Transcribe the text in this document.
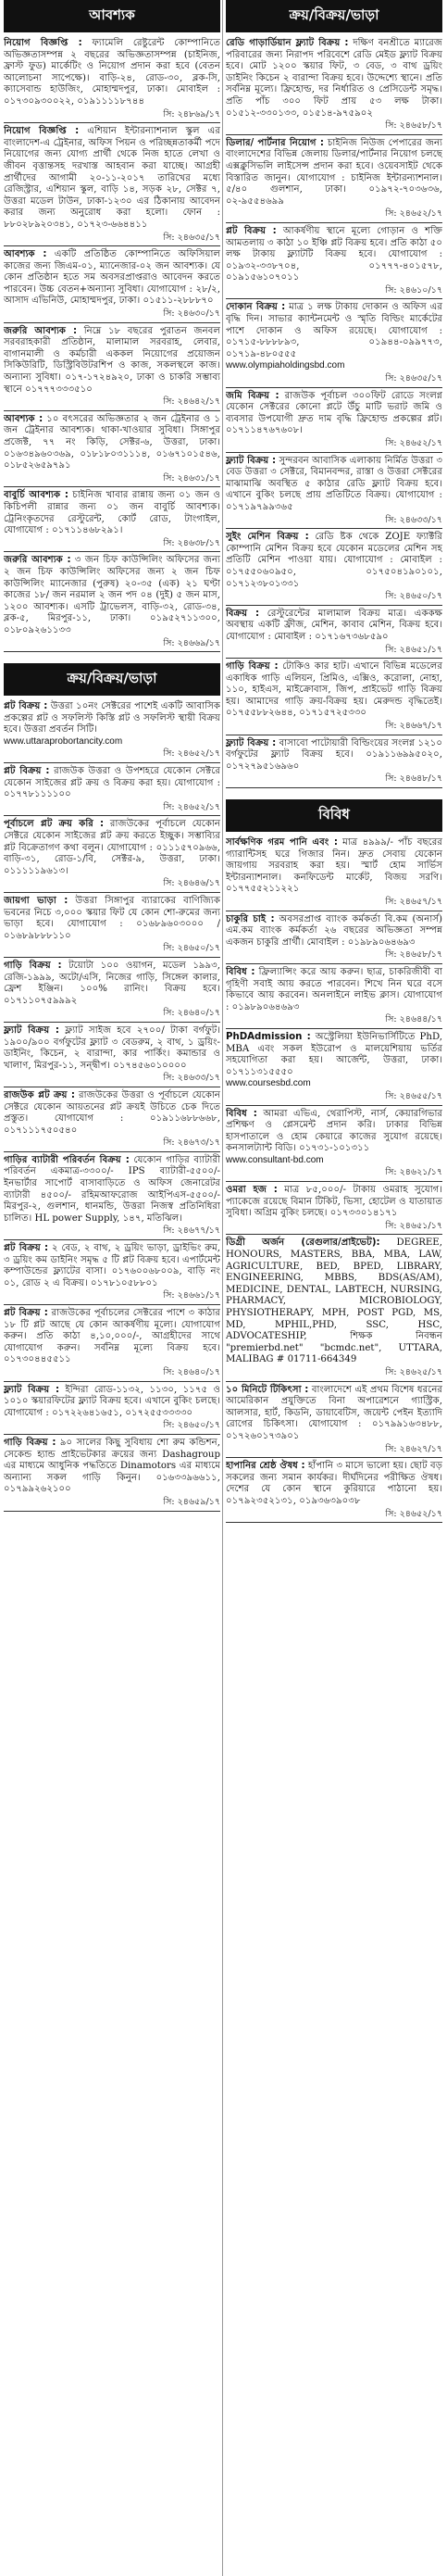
আবশ্যক
নিয়োগ বিজ্ঞপ্তি : ফ্যামেলি রেষ্টুরেন্ট কোম্পানিতে অভিজ্ঞতাসম্পন্ন ২ বছরের অভিজ্ঞতাসম্পন্ন (চাইনিজ, ফ্রাস্ট ফুড) মার্কেটিং ও নিয়োগ প্রদান করা হবে (বেতন আলোচনা সাপেক্ষে)। বাড়ি-২৪, রোড-৩০, ব্লক-সি, ক্যাসেবান্ড হাউজিং, মোহাম্মদপুর, ঢাকা। মোবাইল : ০১৭৩০৯৩০০২২, ০১৯১১১১৮৭৪৪
সি: ২৪৮৬৯/১৭
নিয়োগ বিজ্ঞপ্তি : এশিয়ান ইন্টারন্যাশনাল স্কুল এর বাংলাদেশ-এ ট্রেইনার, অফিস পিয়ন ও পরিচ্ছন্নতাকর্মী পদে নিয়োগের জন্য যোগ্য প্রার্থী থেকে নিজ হাতে লেখা ও জীবন বৃত্তান্তসহ দরখাস্ত আহবান করা যাচ্ছে। আগ্রহী প্রার্থীদের আগামী ২০-১১-২০১৭ তারিখের মধ্যে রেজিস্ট্রার, এশিয়ান স্কুল, বাড়ি ১৪, সড়ক ২৮, সেক্টর ৭, উত্তরা মডেল টাউন, ঢাকা-১২৩০ এর ঠিকানায় আবেদন করার জন্য অনুরোধ করা হলো। ফোন : ৮৮০২৮৯২০৩৪১, ০১৭২৩-৬৬৪৪১১
সি: ২৪৬৩৫/১৭
আবশ্যক : একটি প্রতিষ্ঠিত কোম্পানিতে অফিসিয়াল কাজের জন্য জিএম-০১, ম্যানেজার-০২ জন আবশ্যক। যে কোন প্রতিষ্ঠান হতে সম অবসরপ্রাপ্তরাও আবেদন করতে পারবেন। উচ্চ বেতন+অন্যান্য সুবিধা। যোগাযোগ : ২৮/২, আসাদ এভিনিউ, মোহাম্মদপুর, ঢাকা। ০১৫১১-২৮৮৮৭০
সি: ২৪৬৩০/১৭
জরুরি আবশ্যক : নিম্নে ১৮ বছরের পুরাতন জনবল সরবরাহকারী প্রতিষ্ঠান, মালামাল সরবরাহ, লেবার, বাগানমালী ও কর্মচারী এককল নিয়োগের প্রয়োজন সিকিউরিটি, ডিস্ট্রিবিউটরশিপ ও কাজ, সকলস্থলে কাজ। অন্যান্য সুবিধা। ০১৭-১৭২৪৯২০, ঢাকা ও চাকরি সম্ভাব্য স্থানে ০১৭৭৭৩৩৩৫১০
সি: ২৪৬৪২/১৭
আবশ্যক : ১০ বৎসরের অভিজ্ঞতার ২ জন ট্রেইনার ও ১ জন ট্রেইনার আবশ্যক। থাকা-খাওয়ার সুবিধা। সিঙ্গাপুর প্রজেক্ট, ৭৭ নং কিড়ি, সেক্টর-৬, উত্তরা, ঢাকা। ০১৬৩৪৯৬০৩৬৯, ০১৮১৮০৩১১১৪, ০১৬৭১০১৫৪৬, ০১৮৫২৬৫৯৭৯১
সি: ২৪৬৩১/১৭
বাবুর্চি আবশ্যক : চাইনিজ খাবার রান্নায় জন্য ০১ জন ও কিচিপলী রান্নার জন্য ০১ জন বাবুর্চি আবশ্যক। ট্রেনিংকৃতদের রেস্টুরেন্ট, কোর্ট রোড, টাংগাইল, যোগাযোগ : ০১৭১১৪৬৮২৯১।
সি: ২৪৬৩৮/১৭
জরুরি আবশ্যক : ৩ জন চিফ কাউন্সিলিং অফিসের জন্য ২ জন চিফ কাউন্সিলিং অফিসের জন্য ২ জন চিফ কাউন্সিলিং ম্যানেজার (পুরুষ) ২০-৩৫ (এক) ২১ ঘণ্টা কাজের ১৮/ জন নরমাল ২ জন পদ ০৪ (দুই) ৫ জন মাস, ১২০০ আবশ্যক। এসটি ট্রাভেলস, বাড়ি-৩২, রোড-৩৪, ব্লক-৫, মিরপুর-১১, ঢাকা। ০১৯৫২৭১১৩০০, ০১৮০৯২৬১১৩৩
সি: ২৪৬৬৯/১৭
ক্রয়/বিক্রয়/ভাড়া
প্লট বিক্রয় : উত্তরা ১০নং সেক্টরের পাশেই একটি আবাসিক প্রকল্পের প্লট ও সফলিস্ট কিস্তি প্লট ও সফলিস্ট স্থায়ী বিক্রয় হবে। উত্তরা প্রবর্তন সিটি।
www.uttaraprobortancity.com
সি: ২৪৬৫২/১৭
প্লট বিক্রয় : রাজউক উত্তরা ও উপশহরে যেকোন সেক্টরে যেকোন সাইজের প্লট ক্রয় ও বিক্রয় করা হয়। যোগাযোগ : ০১৭৭৮১১১১০০
সি: ২৪৬৫২/১৭
পূর্বাচলে প্লট ক্রয় করি : রাজউকের পূর্বাচলে যেকোন সেক্টরে যেকোন সাইজের প্লট ক্রয় করতে ইচ্ছুক। সম্ভাব্যির প্লট বিক্রেতাগণ কথা বলুন। যোগাযোগ : ০১১১৫৭০৯৬৬, বাড়ি-৩১, রোড-১/বি, সেক্টর-৯, উত্তরা, ঢাকা। ০১১১১১৯৬১৩।
সি: ২৪৬৪৬/১৭
জায়গা ভাড়া : উত্তরা সিঙ্গাপুর ব্যারাকের বাণিজ্যিক ভবনের নিচে ৩,০০০ স্কয়ার ফিট যে কোন শো-রুমের জন্য ভাড়া হবে। যোগাযোগ : ০১৬৮৯৬০৩০০০ / ০১৬৮৯৮৮৮১১০
সি: ২৪৬৫০/১৭
গাড়ি বিক্রয় : টয়োটা ১০০ ওয়াগন, মডেল ১৯৯৩, রেজি-১৯৯৯, অটো/এসি, নিজের গাড়ি, সিঙ্গেল কালার, ফ্রেশ ইঞ্জিন। ১০০% রানিং। বিক্রয় হবে। ০১৭১১০৭৫৯৯৯২
সি: ২৪৬৪০/১৭
ফ্ল্যাট বিক্রয় : ফ্ল্যাট সাইজ হবে ২৭০০/ টাকা বর্গফুট। ১৯০০/৯০০ বর্গফুটের ফ্ল্যাট ৩ বেডরুম, ২ বাথ, ১ ড্রয়িং-ডাইনিং, কিচেন, ২ বারান্দা, কার পার্কিং। কমান্ডার ও খালাণ, মিরপুর-১১, সন্দ্বীপ। ০১৭৪৫৬০১০০০০
সি: ২৪৬৩৩/১৭
রাজউক প্লট ক্রয় : রাজউকের উত্তরা ও পূর্বাচলে যেকোন সেক্টরে যেকোন আয়তনের প্লট ক্রয়ই উচিতে চেক দিতে প্রস্তুত। যোগাযোগ : ০১৯১১৬৮৮৬৬৮, ০১৭১১১৭৫০৫৪০
সি: ২৪৬৭৩/১৭
গাড়ির ব্যাটারী পরিবর্তন বিক্রয় : যেকোন গাড়ির ব্যাটারী পরিবর্তন একমাত্র-৩৩০০/- IPS ব্যাটারী-৫৫০০/- ইনভার্টার সাপোর্ট বাসাবাড়িতে ও অফিস জেনারেটর ব্যাটারী ৪৫০০/- রহিমআফরোজ আইপিএস-৫৫০০/- মিরপুর-২, গুলশান, ধানমন্ডি, উত্তরা নিজস্ব প্রতিনিধিরা চালিত। HL power Supply, ১৪৭, মতিঝিল।
সি: ২৪৬৭৭/১৭
প্লট বিক্রয় : ২ বেড, ২ বাথ, ২ ড্রয়িং ভাড়া, ড্রাইভিং রুম, ৩ ড্রয়িং কম ডাইনিং সমৃদ্ধ ৫ টি প্লট বিক্রয় হবে। এপার্টমেন্ট কম্পাউন্ডের ফ্ল্যাটের বাসা। ০১৭৬০০৬৮০০৯, বাড়ি নং ০১, রোড ২ এ বিক্রয়। ০১৭৮১০৫৮৮০১
সি: ২৪৬৬১/১৭
প্লট বিক্রয় : রাজউকের পূর্বাচলের সেক্টরের পাশে ৩ কাঠার ১৮ টি প্লট আছে যে কোন আকর্ষণীয় মূল্যে। যোগাযোগ করুন। প্রতি কাঠা ৪,১০,০০০/-, আগ্রহীদের সাথে যোগাযোগ করুন। সর্বনিম্ন মূল্যে বিক্রয় হবে। ০১৭৩০৪৪৫৫১১
সি: ২৪৬৪০/১৭
ফ্ল্যাট বিক্রয় : ইন্দিরা রোড-১১৩২, ১১৩০, ১১৭৫ ও ১০১০ স্কয়ারফিটের ফ্ল্যাট বিক্রয় হবে। এখানে বুকিং চলছে। যোগাযোগ : ০১৭২২৬৪১৬৫১, ০১৭২৫৫৩৩৩৩০
সি: ২৪৬৫০/১৭
গাড়ি বিক্রয় : ৯০ সালের কিছু সুবিধায় শো রুম কন্ডিশন, সেকেন্ড হ্যান্ড প্রাইভেটকার ক্রয়ের জন্য Dashagroup এর মাধ্যমে আধুনিক পদ্ধতিতে Dinamotors এর মাধ্যমে অন্যান্য সকল গাড়ি কিনুন। ০১৬৩৩৯৬৬১১, ০১৭৯৯২৬২১০০
সি: ২৪৬৫৯/১৭
ক্রয়/বিক্রয়/ভাড়া
রেডি গাড়ার্ডিয়ান ফ্ল্যাট বিক্রয় : দক্ষিণ বনশ্রীতে ম্যারেজ পরিবারের জন্য নিরাপদ পরিবেশে রেডি মেইড ফ্ল্যাট বিক্রয় হবে। মোট ১২০০ স্কয়ার ফিট, ৩ বেড, ৩ বাথ ড্রয়িং ডাইনিং কিচেন ২ বারান্দা বিক্রয় হবে। উদ্দেশ্যে স্থানে। প্রতি সর্বনিম্ন মূল্যে। ফ্রিহোল্ড, দর নির্ধারিত ও প্রেসিডেন্ট সমৃদ্ধ। প্রতি পাঁচ ৩০০ ফিট প্রায় ৫৩ লক্ষ টাকা। ০১৫১২-৩৩০১৩৩, ০১৫১৪-৯৭৫৯০২
সি: ২৪৬৫৮/১৭
ডিলার/ পার্টনার নিয়োগ : চাইনিজ নিউজ পেপারের জন্য বাংলাদেশের বিভিন্ন জেলায় ডিলার/পার্টনার নিয়োগ চলছে এক্সক্লুসিভলি লাইসেন্স প্রদান করা হবে। ওয়েবসাইট থেকে বিস্তারিত জানুন। যোগাযোগ : চাইনিজ ইন্টারন্যাশনাল। ৫/৪০ গুলশান, ঢাকা। ০১৯৭২-৭০৩৬৩৬, ০২-৯৫৫৪৬৯৯
সি: ২৪৬৫২/১৭
প্লট বিক্রয় : আকর্ষণীয় স্থানে মূল্যে গোড়ান ও শক্তি আমতলায় ৩ কাঠা ১০ ইঞ্চি প্লট বিক্রয় হবে। প্রতি কাঠা ৫০ লক্ষ টাকায় ফ্ল্যাটটি বিক্রয় হবে। যোগাযোগ : ০১৯৩২-৩৩৮৭০৪, ০১৭৭৭-৪০১৫৭৮, ০১৯১৫৬১০৭০১১
সি: ২৪৬১০/১৭
দোকান বিক্রয় : মাত্র ১ লক্ষ টাকায় দোকান ও অফিস এর বৃদ্ধি দিন। সাভার ক্যান্টনমেন্ট ও স্মৃতি বিল্ডিং মার্কেটের পাশে দোকান ও অফিস রয়েছে। যোগাযোগ : ০১৭১৫-৮৮৮৮৯৩, ০১৯৪৪-০৯৯৭৭৩, ০১৭১৯-৪৮০৫৫৫
www.olympiaholdingsbd.com
সি: ২৪৬৩৫/১৭
জমি বিক্রয় : রাজউক পূর্বাচল ৩০০ফিট রোডে সংলগ্ন যেকোন সেক্টরের কোনো প্লটে উঁচু মাটি ভরাট জমি ও ব্যবসার উপযোগী দ্রুত দাম বৃদ্ধি ফ্রিহোল্ড প্রকল্পের প্লট। ০১৭১১৪৭৬৭৬০৮।
সি: ২৪৬৫২/১৭
ফ্ল্যাট বিক্রয় : সুন্দরবন আবাসিক এলাকায় নির্মিত উত্তরা ৩ বেড উত্তরা ৩ সেক্টরে, বিমানবন্দর, রাস্তা ও উত্তরা সেক্টরের মাঝামাঝি অবস্থিত ৫ কাঠার রেডি ফ্ল্যাট বিক্রয় হবে। এখানে বুকিং চলছে প্রায় প্রতিটিতে বিক্রয়। যোগাযোগ : ০১৭১৯৭৯৯৩৬৫
সি: ২৪৬৩৩/১৭
সুইং মেশিন বিক্রয় : রেডি ষ্টক থেকে ZOJE ফ্যাক্টরি কোম্পানি মেশিন বিক্রয় হবে যেকোন মডেলের মেশিন সহ প্রতিটি মেশিন পাওয়া যায়। যোগাযোগ : মোবাইল : ০১৭৫৫০৬০৯৫০, ০১৭৫০৪১৯০১০১, ০১৭১২৩৮০১৩৩১
সি: ২৪৬৫০/১৭
বিক্রয় : রেস্টুরেন্টের মালামাল বিক্রয় মাত্র। এককক্ষ অবস্থায় একটি ফ্রীজ, মেশিন, কাবাব মেশিন, বিক্রয় হবে। যোগাযোগ : মোবাইল : ০১৭১৬৭৩৬৮৫৯০
সি: ২৪৬৫১/১৭
গাড়ি বিক্রয় : টোকিও কার হাট। এখানে বিভিন্ন মডেলের একাধিক গাড়ি এলিয়ন, প্রিমিও, এক্সিও, করোলা, নোহা, ১১০, হাইএস, মাইক্রোবাস, জিপ, প্রাইভেট গাড়ি বিক্রয় হয়। আমাদের গাড়ি ক্রয়-বিক্রয় হয়। মেরুদন্ড বৃদ্ধিতেই। ০১৭৫৫৮৮২৬৪৪, ০১৭১৫৭২৫৩৩০
সি: ২৪৬৬৭/১৭
ফ্ল্যাট বিক্রয় : বাসাবো পাটোয়ারী বিল্ডিংয়ের সংলগ্ন ১২১০ বর্গফুটের ফ্ল্যাট বিক্রয় হবে। ০১৯১১৬৯৯৫০২০, ০১৭২৭৯৫১৬৯৬০
সি: ২৪৬৪৮/১৭
বিবিধ
সার্বক্ষণিক গরম পানি এবং : মাত্র ৪৯৯৯/- পাঁচ বছরের গ্যারান্টিসহ ঘরে গিজার নিন। দ্রুত সেবায় যেকোন জায়গায় সরবরাহ করা হয়। স্মার্ট হোম সার্ভিস ইন্টারন্যাশনাল। কনফিডেন্ট মার্কেট, বিজয় সরণি। ০১৭৭৫৫২১১২২১
সি: ২৪৬৫৭/১৭
চাকুরি চাই : অবসরপ্রাপ্ত ব্যাংক কর্মকর্তা বি.কম (অনার্স) এম.কম ব্যাংক কর্মকর্তা ২৬ বছরের অভিজ্ঞতা সম্পন্ন একজন চাকুরি প্রার্থী। মোবাইল : ০১৯৮৯০৬৪৬৯৩
সি: ২৪৬৫৮/১৭
বিবিধ : ফ্রিল্যান্সিং করে আয় করুন। ছাত্র, চাকরিজীবী বা গৃহিণী সবাই আয় করতে পারবেন। শিখে নিন ঘরে বসে কিভাবে আয় করবেন। অনলাইনে লাইভ ক্লাস। যোগাযোগ : ০১৯৮৯০৬৪৬৯৩
সি: ২৪৬৪৪/১৭
PhDAdmission : অস্ট্রেলিয়া ইউনিভার্সিটিতে PhD, MBA এবং সকল ইউরোপ ও মালয়েশিয়ায় ভর্তির সহযোগিতা করা হয়। আর্জেন্ট, উত্তরা, ঢাকা। ০১৭১১৩১৫৫৫০
www.coursesbd.com
সি: ২৪৬৫৫/১৭
বিবিধ : আমরা এভিএ, থেরাপিস্ট, নার্স, কেয়ারগিভার প্রশিক্ষণ ও প্লেসমেন্ট প্রদান করি। ঢাকার বিভিন্ন হাসপাতালে ও হোম কেয়ারে কাজের সুযোগ রয়েছে। কনসালট্যান্ট বিডি। ০১৭৩১-১০১৩১১
www.consultant-bd.com
সি: ২৪৬২১/১৭
ওমরা হজ : মাত্র ৮৫,০০০/- টাকায় ওমরাহ সুযোগ। প্যাকেজে রয়েছে বিমান টিকিট, ভিসা, হোটেল ও যাতায়াত সুবিধা। অগ্রিম বুকিং চলছে। ০১৭৩৩০১৪১৭১
সি: ২৪৬৫১/১৭
ডিগ্রী অর্জন (রেগুলার/প্রাইভেট): DEGREE, HONOURS, MASTERS, BBA, MBA, LAW, AGRICULTURE, BED, BPED, LIBRARY, ENGINEERING, MBBS, BDS(AS/AM), MEDICINE, DENTAL, LABTECH, NURSING, PHARMACY, MICROBIOLOGY, PHYSIOTHERAPY, MPH, POST PGD, MS, MD, MPHIL,PHD, SSC, HSC, ADVOCATESHIP, শিক্ষক নিবন্ধন "premierbd.net" "bcmdc.net", UTTARA, MALIBAG # 01711-664349
সি: ২৪৬২৫/১৭
১০ মিনিটে টিকিৎসা : বাংলাদেশে এই প্রথম বিশেষ ধরনের আমেরিকান প্রযুক্তিতে বিনা অপারেশনে গ্যাস্ট্রিক, আলসার, হার্ট, কিডনি, ডায়াবেটিস, জয়েন্ট পেইন ইত্যাদি রোগের চিকিৎসা। যোগাযোগ : ০১৭৯৯১৬৩৪৮৮, ০১৭২৬০১৭৩৯০১
সি: ২৪৬২৭/১৭
হাপানির শ্রেষ্ঠ ঔষধ : হাঁপানি ৩ মাসে ভালো হয়। ছোট বড় সকলের জন্য সমান কার্যকর। দীর্ঘদিনের পরীক্ষিত ঔষধ। দেশের যে কোন স্থানে কুরিয়ারে পাঠানো হয়। ০১৭৯২৩৫২১৩১, ০১৯৩৬৩৯০৩৮
সি: ২৪৬৫২/১৭
